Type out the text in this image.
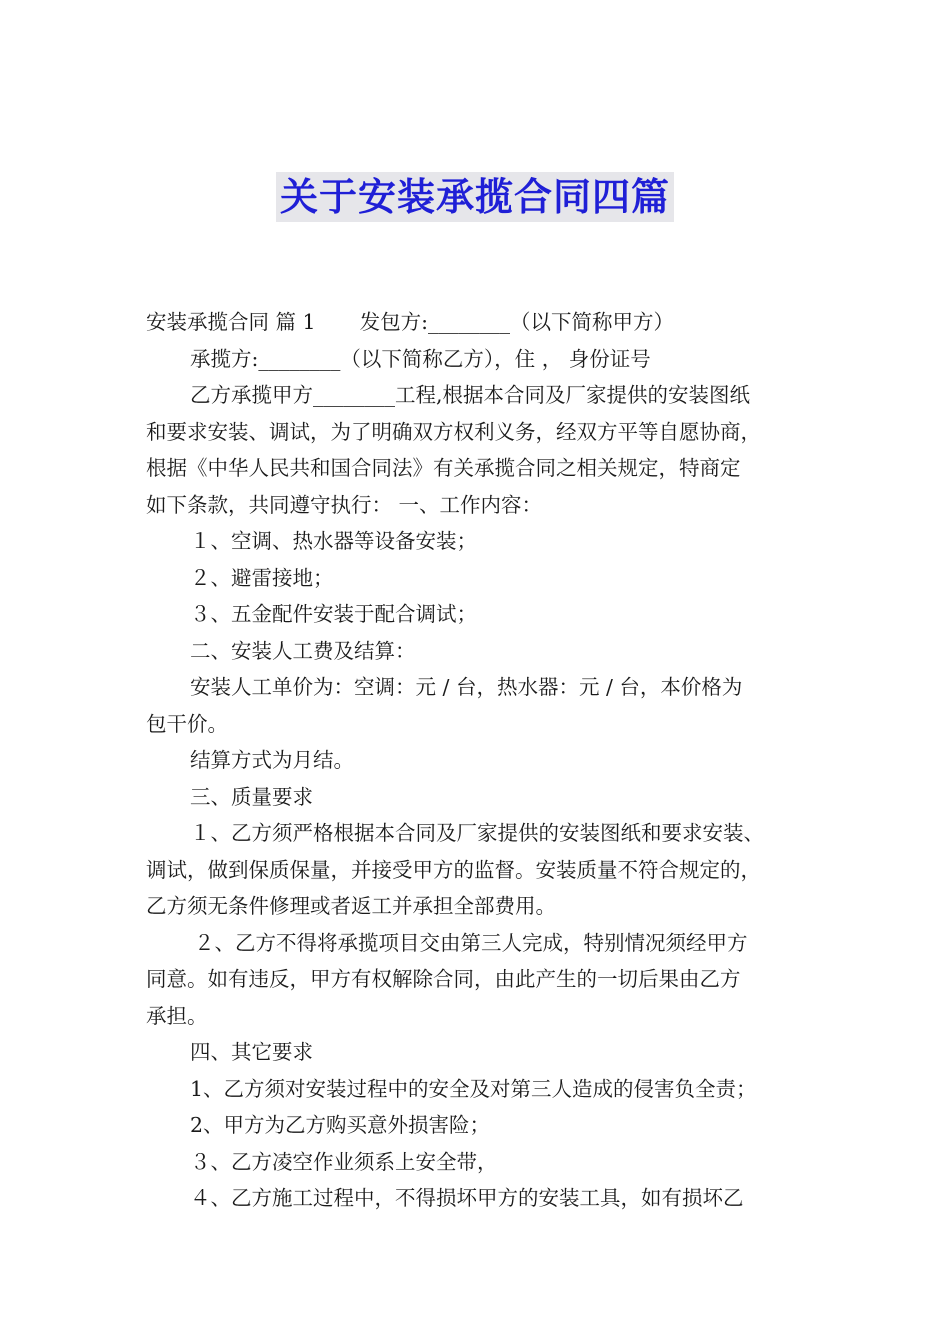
关于安装承揽合同四篇

安装承揽合同 篇 1 发包方:________（以下简称甲方）

承揽方:________（以下简称乙方），住 ， 身份证号

乙方承揽甲方________工程,根据本合同及厂家提供的安装图纸

和要求安装、调试，为了明确双方权利义务，经双方平等自愿协商，

根据《中华人民共和国合同法》有关承揽合同之相关规定，特商定

如下条款，共同遵守执行： 一、工作内容：

１、空调、热水器等设备安装；

２、避雷接地；

３、五金配件安装于配合调试；

二、安装人工费及结算：

安装人工单价为：空调：元 / 台，热水器：元 / 台，本价格为

包干价。

结算方式为月结。

三、质量要求

１、乙方须严格根据本合同及厂家提供的安装图纸和要求安装、

调试，做到保质保量，并接受甲方的监督。安装质量不符合规定的，

乙方须无条件修理或者返工并承担全部费用。

２、乙方不得将承揽项目交由第三人完成，特别情况须经甲方

同意。如有违反，甲方有权解除合同，由此产生的一切后果由乙方

承担。

四、其它要求

1、乙方须对安装过程中的安全及对第三人造成的侵害负全责；

2、甲方为乙方购买意外损害险；

３、乙方凌空作业须系上安全带，

４、乙方施工过程中，不得损坏甲方的安装工具，如有损坏乙
